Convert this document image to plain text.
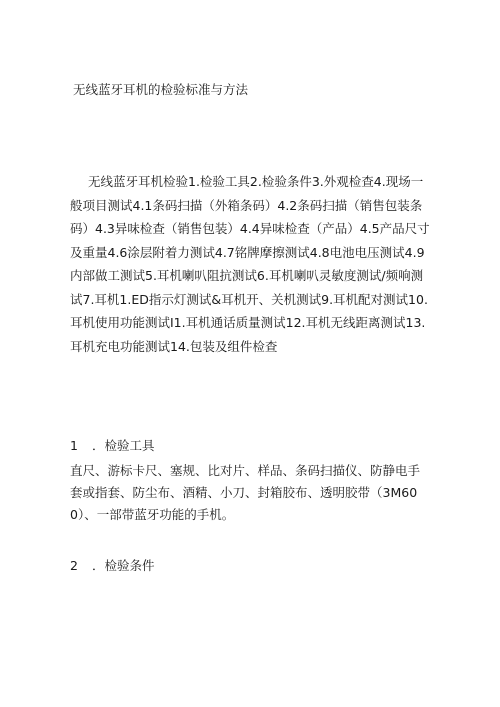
无线蓝牙耳机的检验标准与方法

无线蓝牙耳机检验1.检验工具2.检验条件3.外观检查4.现场一般项目测试4.1条码扫描（外箱条码）4.2条码扫描（销售包装条码）4.3异味检查（销售包装）4.4异味检查（产品）4.5产品尺寸及重量4.6涂层附着力测试4.7铭牌摩擦测试4.8电池电压测试4.9内部做工测试5.耳机喇叭阻抗测试6.耳机喇叭灵敏度测试/频响测试7.耳机1.ED指示灯测试&耳机开、关机测试9.耳机配对测试10.耳机使用功能测试I1.耳机通话质量测试12.耳机无线距离测试13.耳机充电功能测试14.包装及组件检查

1 ．检验工具

直尺、游标卡尺、塞规、比对片、样品、条码扫描仪、防静电手套或指套、防尘布、酒精、小刀、封箱胶布、透明胶带（3M600）、一部带蓝牙功能的手机。

2 ．检验条件
